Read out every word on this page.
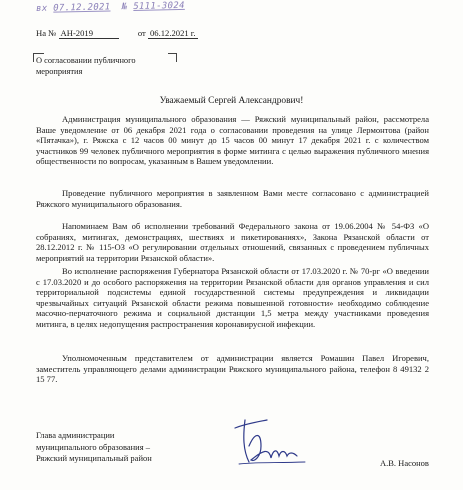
вх 07.12.2021 № 5111-3024
На № АН-2019	от 06.12.2021 г.
О согласовании публичного мероприятия
Уважаемый Сергей Александрович!
Администрация муниципального образования — Ряжский муниципальный район, рассмотрела Ваше уведомление от 06 декабря 2021 года о согласовании проведения на улице Лермонтова (район «Пятачка»), г. Ряжска с 12 часов 00 минут до 15 часов 00 минут 17 декабря 2021 г. с количеством участников 99 человек публичного мероприятия в форме митинга с целью выражения публичного мнения общественности по вопросам, указанным в Вашем уведомлении.
Проведение публичного мероприятия в заявленном Вами месте согласовано с администрацией Ряжского муниципального образования.
Напоминаем Вам об исполнении требований Федерального закона от 19.06.2004 № 54-ФЗ «О собраниях, митингах, демонстрациях, шествиях и пикетированиях», Закона Рязанской области от 28.12.2012 г. № 115-ОЗ «О регулировании отдельных отношений, связанных с проведением публичных мероприятий на территории Рязанской области».
Во исполнение распоряжения Губернатора Рязанской области от 17.03.2020 г. № 70-рг «О введении с 17.03.2020 и до особого распоряжения на территории Рязанской области для органов управления и сил территориальной подсистемы единой государственной системы предупреждения и ликвидации чрезвычайных ситуаций Рязанской области режима повышенной готовности» необходимо соблюдение масочно-перчаточного режима и социальной дистанции 1,5 метра между участниками проведения митинга, в целях недопущения распространения коронавирусной инфекции.
Уполномоченным представителем от администрации является Ромашин Павел Игоревич, заместитель управляющего делами администрации Ряжского муниципального района, телефон 8 49132 2 15 77.
Глава администрации
муниципального образования –
Ряжский муниципальный район	А.В. Насонов
